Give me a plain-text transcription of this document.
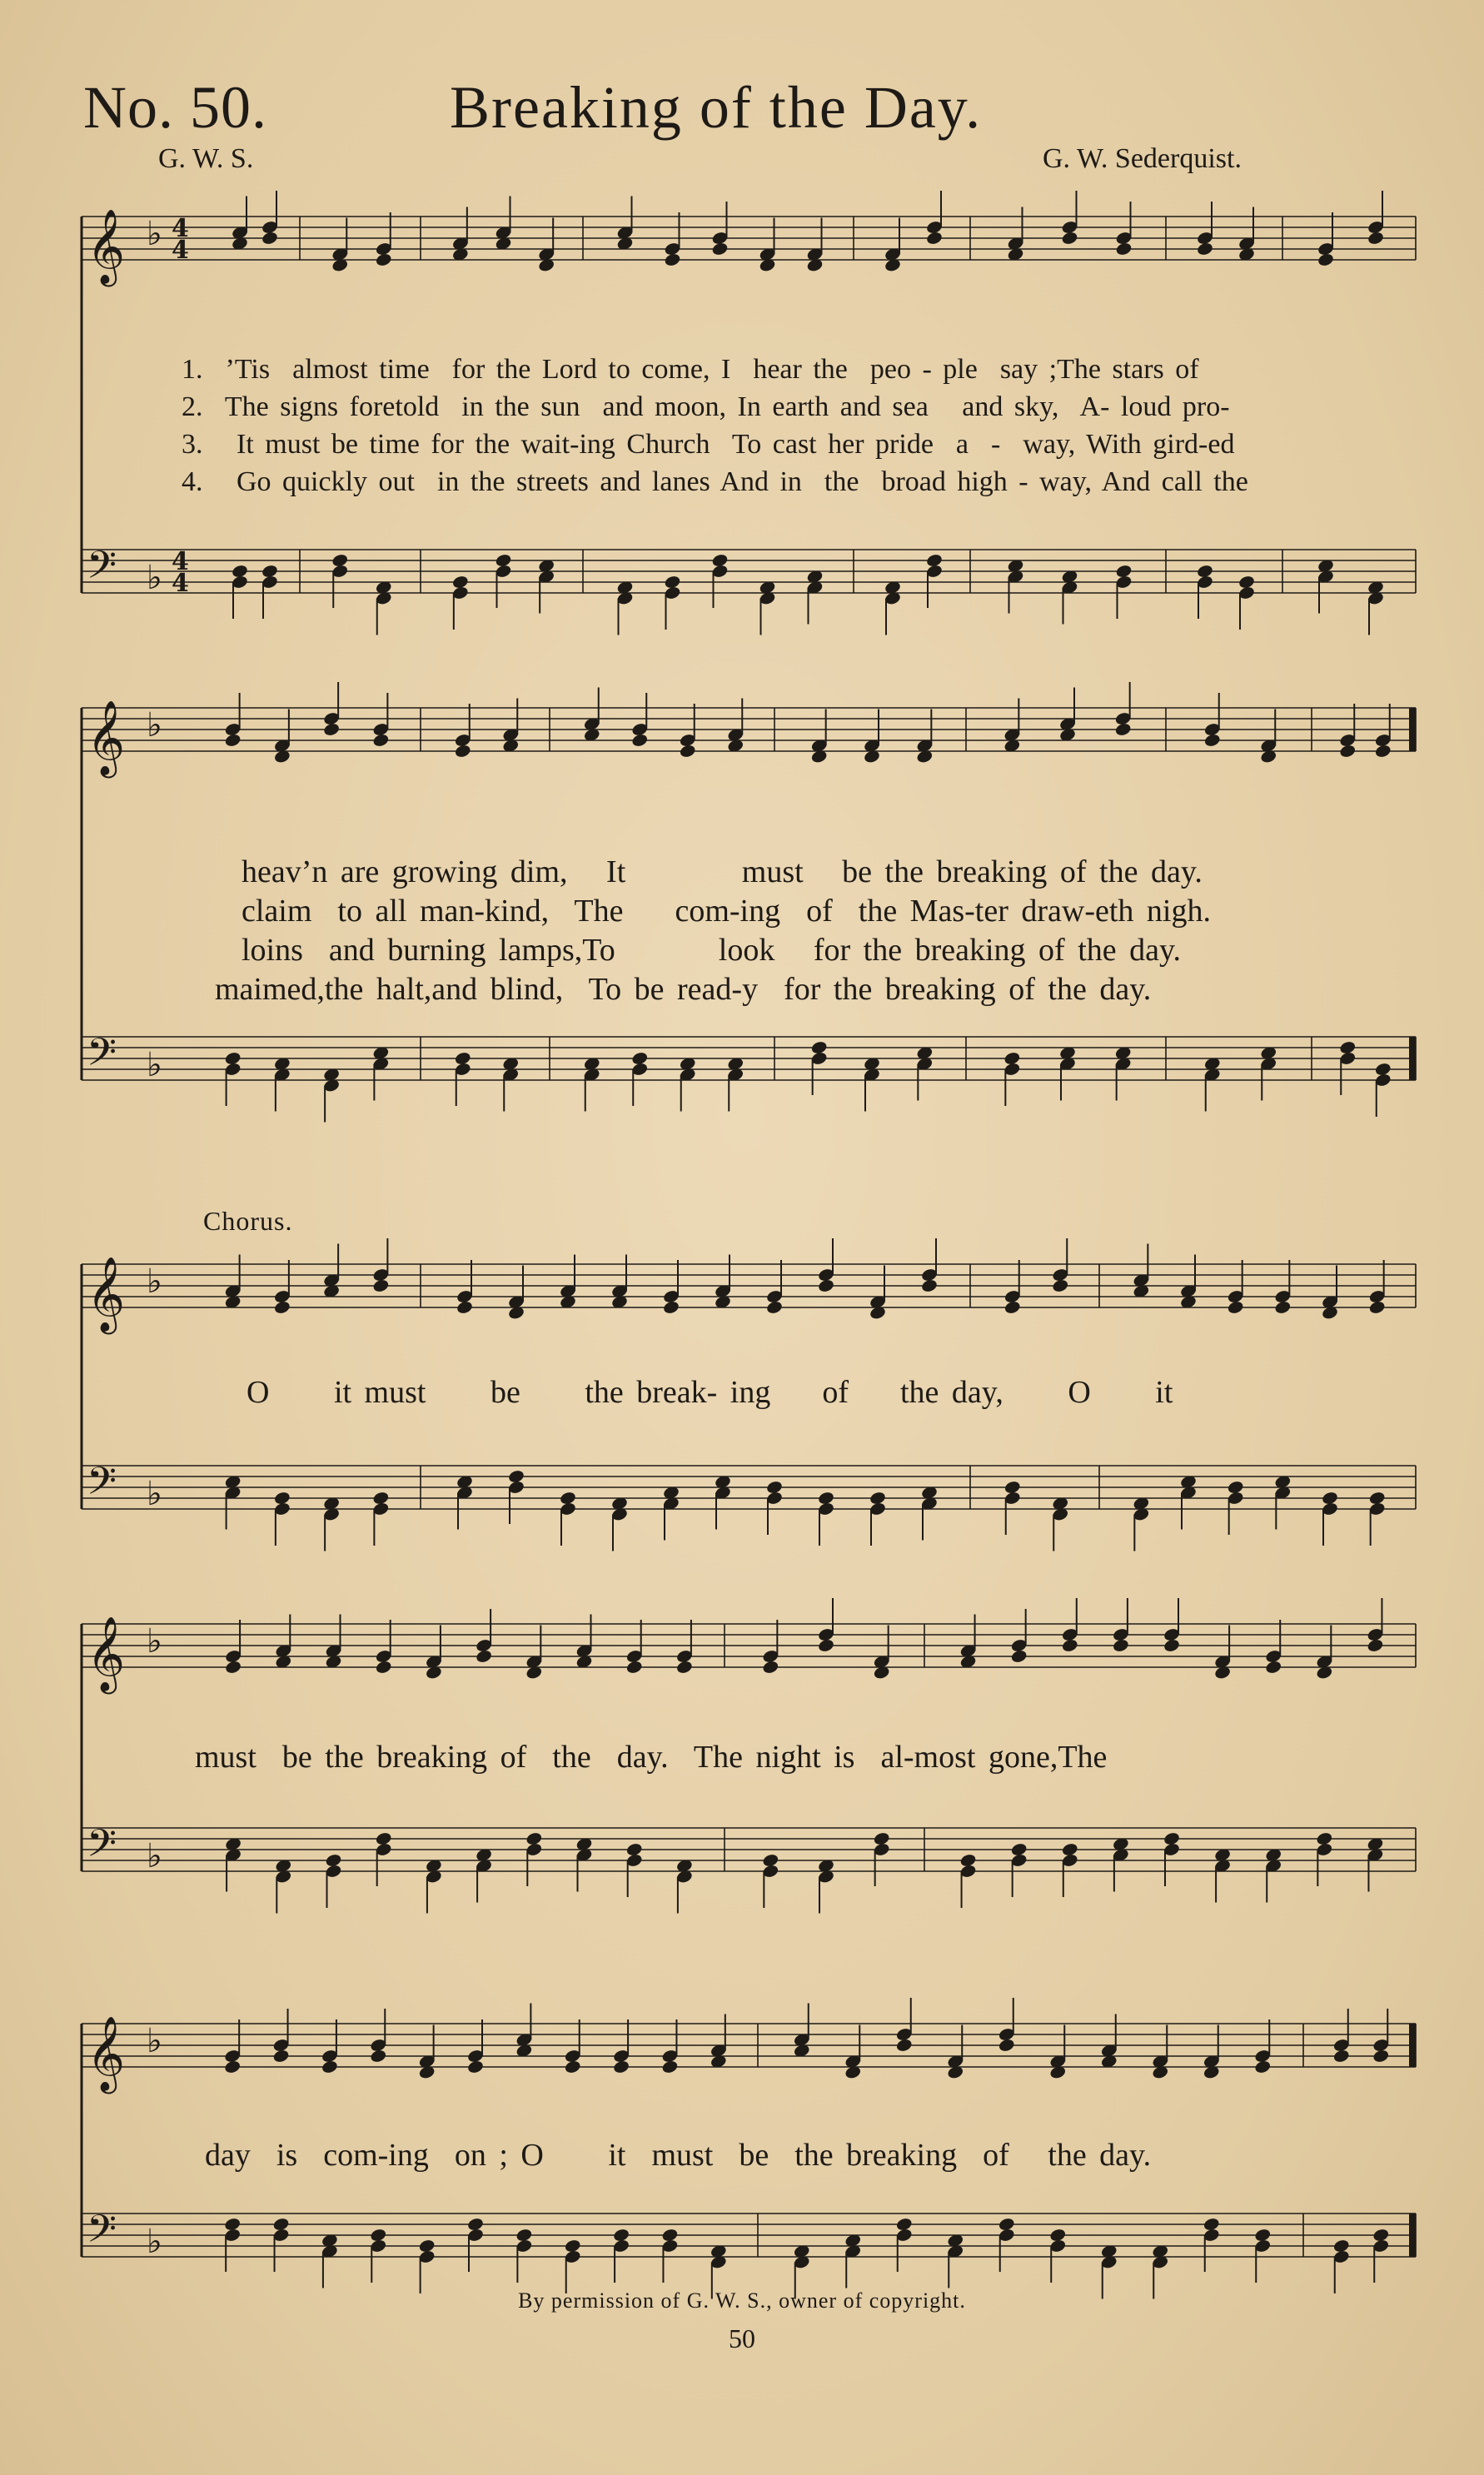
No. 50.	Breaking of the Day.
G. W. S.	G. W. Sederquist.
𝄞
𝄢
♭
♭
4
4
4
4
𝄞
𝄢
♭
♭
𝄞
𝄢
♭
♭
𝄞
𝄢
♭
♭
𝄞
𝄢
♭
♭
1.  ’Tis  almost time  for the Lord to come, I  hear the  peo - ple  say ;The stars of
2.  The signs foretold  in the sun  and moon, In earth and sea   and sky,  A- loud pro-
3.   It must be time for the wait-ing Church  To cast her pride  a  -  way, With gird-ed
4.   Go quickly out  in the streets and lanes And in  the  broad high - way, And call the
heav’n are growing dim,   It         must   be the breaking of the day.
claim  to all man-kind,  The    com-ing  of  the Mas-ter draw-eth nigh.
loins  and burning lamps,To        look   for the breaking of the day.
maimed,the halt,and blind,  To be read-y  for the breaking of the day.
Chorus.
O     it must     be     the break- ing    of    the day,     O     it
must  be the breaking of  the  day.  The night is  al-most gone,The
day  is  com-ing  on ; O     it  must  be  the breaking  of   the day.
By permission of G. W. S., owner of copyright.
50
